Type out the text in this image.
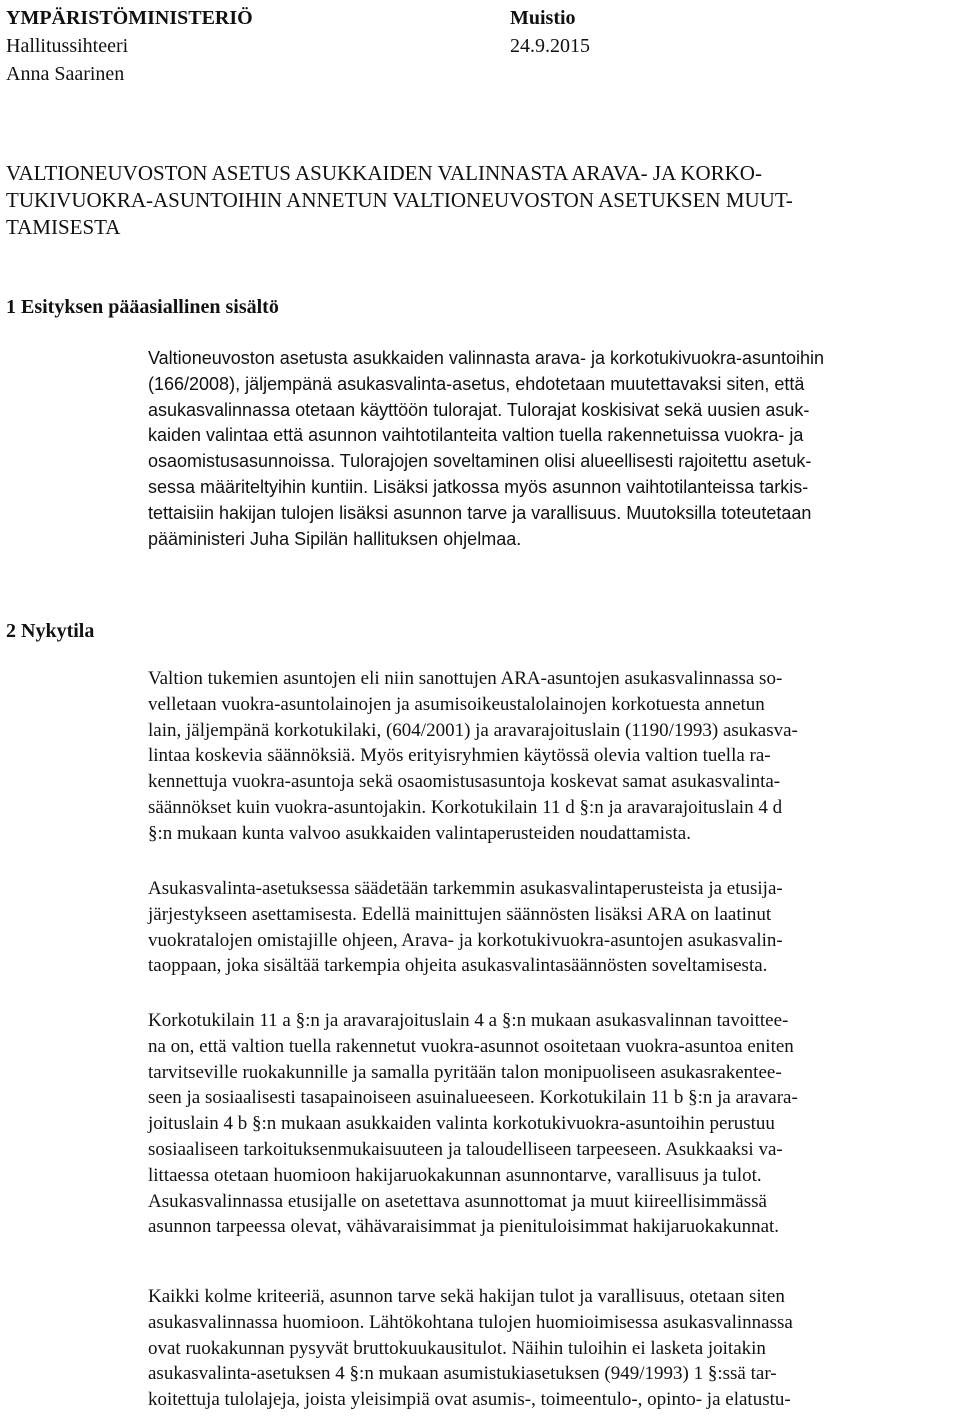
YMPÄRISTÖMINISTERIÖ
Hallitussihteeri
Anna Saarinen
Muistio
24.9.2015
VALTIONEUVOSTON ASETUS ASUKKAIDEN VALINNASTA ARAVA- JA KORKO-
TUKIVUOKRA-ASUNTOIHIN ANNETUN VALTIONEUVOSTON ASETUKSEN MUUT-
TAMISESTA
1 Esityksen pääasiallinen sisältö

Valtioneuvoston asetusta asukkaiden valinnasta arava- ja korkotukivuokra-asuntoihin
(166/2008), jäljempänä asukasvalinta-asetus, ehdotetaan muutettavaksi siten, että
asukasvalinnassa otetaan käyttöön tulorajat. Tulorajat koskisivat sekä uusien asuk-
kaiden valintaa että asunnon vaihtotilanteita valtion tuella rakennetuissa vuokra- ja
osaomistusasunnoissa. Tulorajojen soveltaminen olisi alueellisesti rajoitettu asetuk-
sessa määriteltyihin kuntiin. Lisäksi jatkossa myös asunnon vaihtotilanteissa tarkis-
tettaisiin hakijan tulojen lisäksi asunnon tarve ja varallisuus. Muutoksilla toteutetaan
pääministeri Juha Sipilän hallituksen ohjelmaa.

2 Nykytila

Valtion tukemien asuntojen eli niin sanottujen ARA-asuntojen asukasvalinnassa so-
velletaan vuokra-asuntolainojen ja asumisoikeustalolainojen korkotuesta annetun
lain, jäljempänä korkotukilaki, (604/2001) ja aravarajoituslain (1190/1993) asukasva-
lintaa koskevia säännöksiä. Myös erityisryhmien käytössä olevia valtion tuella ra-
kennettuja vuokra-asuntoja sekä osaomistusasuntoja koskevat samat asukasvalinta-
säännökset kuin vuokra-asuntojakin. Korkotukilain 11 d §:n ja aravarajoituslain 4 d
§:n mukaan kunta valvoo asukkaiden valintaperusteiden noudattamista.

Asukasvalinta-asetuksessa säädetään tarkemmin asukasvalintaperusteista ja etusija-
järjestykseen asettamisesta. Edellä mainittujen säännösten lisäksi ARA on laatinut
vuokratalojen omistajille ohjeen, Arava- ja korkotukivuokra-asuntojen asukasvalin-
taoppaan, joka sisältää tarkempia ohjeita asukasvalintasäännösten soveltamisesta.

Korkotukilain 11 a §:n ja aravarajoituslain 4 a §:n mukaan asukasvalinnan tavoittee-
na on, että valtion tuella rakennetut vuokra-asunnot osoitetaan vuokra-asuntoa eniten
tarvitseville ruokakunnille ja samalla pyritään talon monipuoliseen asukasrakentee-
seen ja sosiaalisesti tasapainoiseen asuinalueeseen. Korkotukilain 11 b §:n ja aravara-
joituslain 4 b §:n mukaan asukkaiden valinta korkotukivuokra-asuntoihin perustuu
sosiaaliseen tarkoituksenmukaisuuteen ja taloudelliseen tarpeeseen. Asukkaaksi va-
littaessa otetaan huomioon hakijaruokakunnan asunnontarve, varallisuus ja tulot.
Asukasvalinnassa etusijalle on asetettava asunnottomat ja muut kiireellisimmässä
asunnon tarpeessa olevat, vähävaraisimmat ja pienituloisimmat hakijaruokakunnat.

Kaikki kolme kriteeriä, asunnon tarve sekä hakijan tulot ja varallisuus, otetaan siten
asukasvalinnassa huomioon. Lähtökohtana tulojen huomioimisessa asukasvalinnassa
ovat ruokakunnan pysyvät bruttokuukausitulot. Näihin tuloihin ei lasketa joitakin
asukasvalinta-asetuksen 4 §:n mukaan asumistukiasetuksen (949/1993) 1 §:ssä tar-
koitettuja tulolajeja, joista yleisimpiä ovat asumis-, toimeentulo-, opinto- ja elatustu-
